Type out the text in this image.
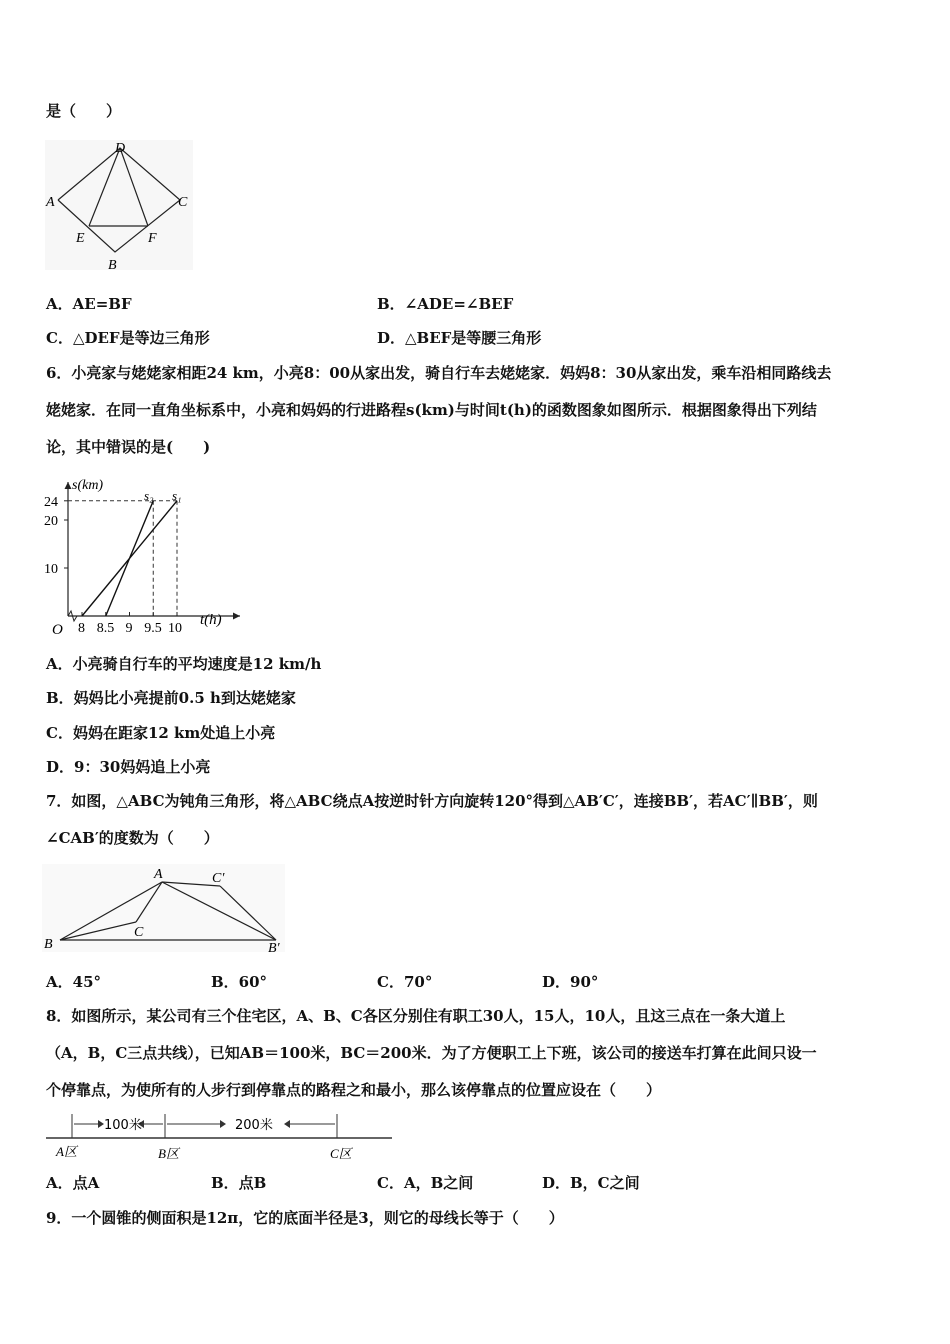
是（　　）
A
D
C
E	F
B
A．AE=BF	B．∠ADE=∠BEF
C．△DEF是等边三角形	D．△BEF是等腰三角形
6．小亮家与姥姥家相距24 km，小亮8：00从家出发，骑自行车去姥姥家．妈妈8：30从家出发，乘车沿相同路线去
姥姥家．在同一直角坐标系中，小亮和妈妈的行进路程s(km)与时间t(h)的函数图象如图所示．根据图象得出下列结
论，其中错误的是(　　)
24
20
10
8 8.5 9 9.5 10
s(km)
t(h)
O
s₂ s₁
A．小亮骑自行车的平均速度是12 km/h
B．妈妈比小亮提前0.5 h到达姥姥家
C．妈妈在距家12 km处追上小亮
D．9：30妈妈追上小亮
7．如图，△ABC为钝角三角形，将△ABC绕点A按逆时针方向旋转120°得到△AB′C′，连接BB′，若AC′∥BB′，则
∠CAB′的度数为（　　）
B
A
C
C′
B′
A．45°	B．60°	C．70°	D．90°
8．如图所示，某公司有三个住宅区，A、B、C各区分别住有职工30人，15人，10人，且这三点在一条大道上
（A，B，C三点共线），已知AB＝100米，BC＝200米．为了方便职工上下班，该公司的接送车打算在此间只设一
个停靠点，为使所有的人步行到停靠点的路程之和最小，那么该停靠点的位置应设在（　　）
100米	200米
A区	B区	C区
A．点A	B．点B	C．A，B之间	D．B，C之间
9．一个圆锥的侧面积是12π，它的底面半径是3，则它的母线长等于（　　）
